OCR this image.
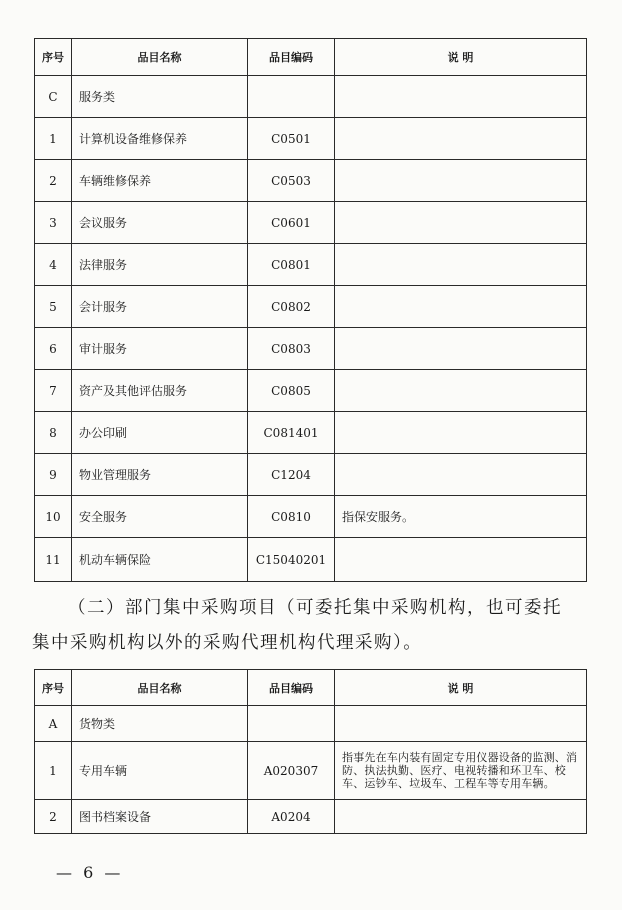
序号	品目名称	品目编码	说 明
C	服务类		
1	计算机设备维修保养	C0501	
2	车辆维修保养	C0503	
3	会议服务	C0601	
4	法律服务	C0801	
5	会计服务	C0802	
6	审计服务	C0803	
7	资产及其他评估服务	C0805	
8	办公印刷	C081401	
9	物业管理服务	C1204	
10	安全服务	C0810	指保安服务。
11	机动车辆保险	C15040201	
（二）部门集中采购项目（可委托集中采购机构，也可委托
集中采购机构以外的采购代理机构代理采购）。
序号	品目名称	品目编码	说 明
A	货物类		
1	专用车辆	A020307	指事先在车内装有固定专用仪器设备的监测、消防、执法执勤、医疗、电视转播和环卫车、校车、运钞车、垃圾车、工程车等专用车辆。
2	图书档案设备	A0204	
— 6 —
